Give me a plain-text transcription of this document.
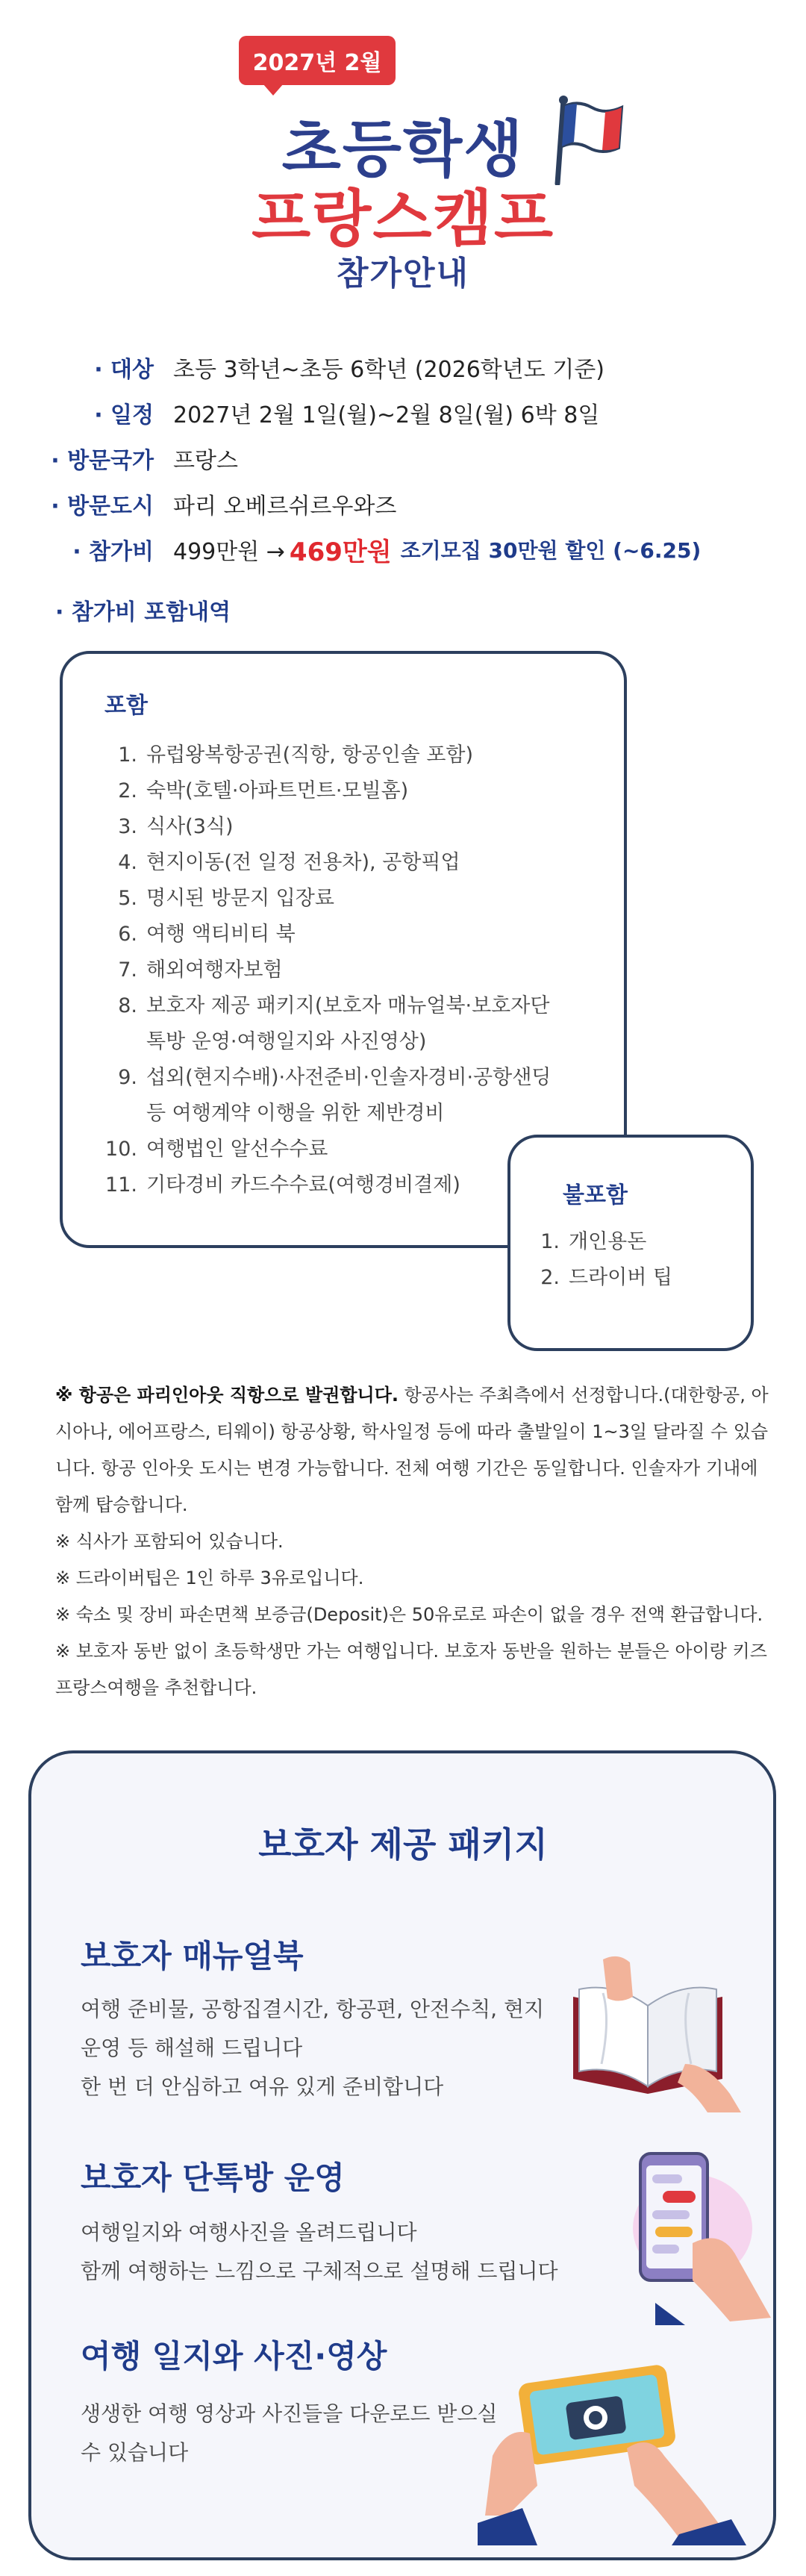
2027년 2월
초등학생
프랑스캠프
참가안내
· 대상 초등 3학년~초등 6학년 (2026학년도 기준)
· 일정 2027년 2월 1일(월)~2월 8일(월) 6박 8일
· 방문국가 프랑스
· 방문도시 파리 오베르쉬르우와즈
· 참가비 499만원 → 469만원 조기모집 30만원 할인 (~6.25)
· 참가비 포함내역
포함
1. 유럽왕복항공권(직항, 항공인솔 포함)
2. 숙박(호텔·아파트먼트·모빌홈)
3. 식사(3식)
4. 현지이동(전 일정 전용차), 공항픽업
5. 명시된 방문지 입장료
6. 여행 액티비티 북
7. 해외여행자보험
8. 보호자 제공 패키지(보호자 매뉴얼북·보호자단톡방 운영·여행일지와 사진영상)
9. 섭외(현지수배)·사전준비·인솔자경비·공항샌딩 등 여행계약 이행을 위한 제반경비
10. 여행법인 알선수수료
11. 기타경비 카드수수료(여행경비결제)	불포함
1. 개인용돈
2. 드라이버 팁

※ 항공은 파리인아웃 직항으로 발권합니다. 항공사는 주최측에서 선정합니다.(대한항공, 아시아나, 에어프랑스, 티웨이) 항공상황, 학사일정 등에 따라 출발일이 1~3일 달라질 수 있습니다. 항공 인아웃 도시는 변경 가능합니다. 전체 여행 기간은 동일합니다. 인솔자가 기내에 함께 탑승합니다.

※ 식사가 포함되어 있습니다.

※ 드라이버팁은 1인 하루 3유로입니다.

※ 숙소 및 장비 파손면책 보증금(Deposit)은 50유로로 파손이 없을 경우 전액 환급합니다.

※ 보호자 동반 없이 초등학생만 가는 여행입니다. 보호자 동반을 원하는 분들은 아이랑 키즈프랑스여행을 추천합니다.

보호자 제공 패키지
보호자 매뉴얼북

여행 준비물, 공항집결시간, 항공편, 안전수칙, 현지운영 등 해설해 드립니다

한 번 더 안심하고 여유 있게 준비합니다

보호자 단톡방 운영

여행일지와 여행사진을 올려드립니다

함께 여행하는 느낌으로 구체적으로 설명해 드립니다

여행 일지와 사진·영상

생생한 여행 영상과 사진들을 다운로드 받으실 수 있습니다
